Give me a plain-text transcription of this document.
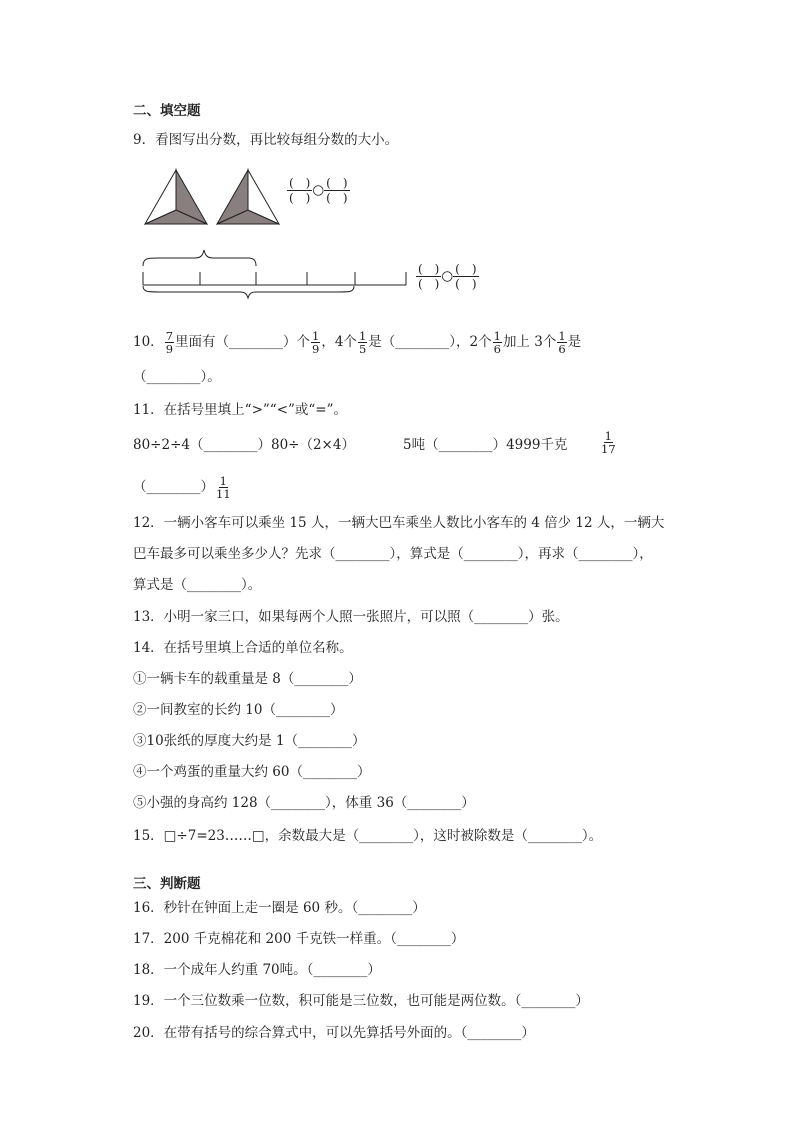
二、填空题
9．看图写出分数，再比较每组分数的大小。
$\frac{( )}{( )}$ ○ $\frac{( )}{( )}$
$\frac{( )}{( )}$ ○ $\frac{( )}{( )}$
10． $\frac{7}{9}$ 里面有（________）个 $\frac{1}{9}$ ，4个 $\frac{1}{5}$ 是（________），2个 $\frac{1}{6}$ 加上 3个 $\frac{1}{6}$ 是
（________）。
11．在括号里填上“>”“<”或“=”。
80÷2÷4（________）80÷（2×4）	5吨（________）4999千克	$\frac{1}{17}$
（________） $\frac{1}{11}$
12．一辆小客车可以乘坐 15 人，一辆大巴车乘坐人数比小客车的 4 倍少 12 人，一辆大
巴车最多可以乘坐多少人？先求（________），算式是（________），再求（________），
算式是（________）。
13．小明一家三口，如果每两个人照一张照片，可以照（________）张。
14．在括号里填上合适的单位名称。
①一辆卡车的载重量是 8（________）
②一间教室的长约 10（________）
③10张纸的厚度大约是 1（________）
④一个鸡蛋的重量大约 60（________）
⑤小强的身高约 128（________），体重 36（________）
15．□÷7=23……□，余数最大是（________），这时被除数是（________）。
三、判断题
16．秒针在钟面上走一圈是 60 秒。（________）
17．200 千克棉花和 200 千克铁一样重。（________）
18．一个成年人约重 70吨。（________）
19．一个三位数乘一位数，积可能是三位数，也可能是两位数。（________）
20．在带有括号的综合算式中，可以先算括号外面的。（________）
